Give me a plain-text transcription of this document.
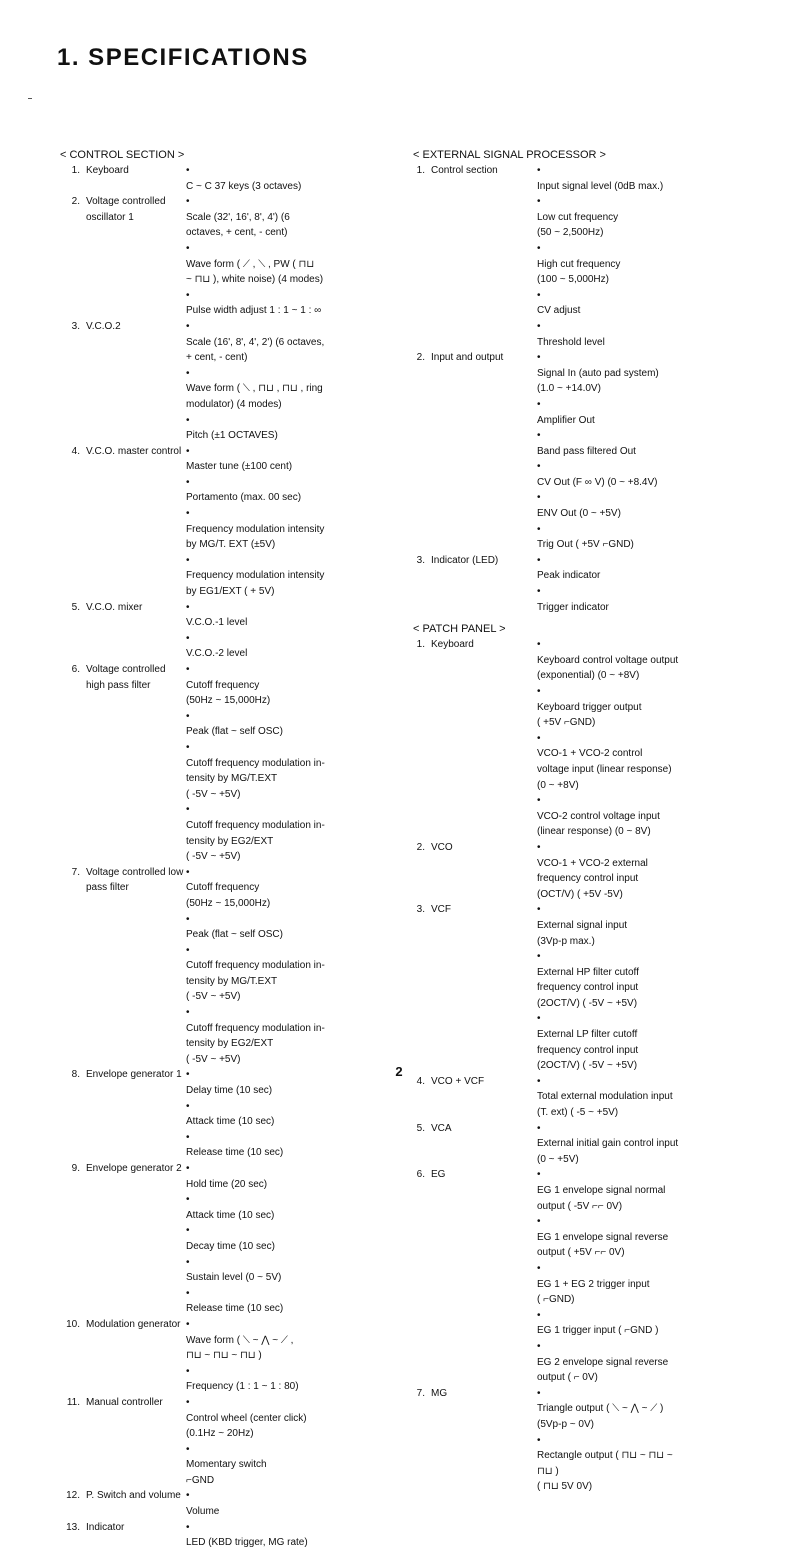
1. SPECIFICATIONS
< CONTROL SECTION >
1. Keyboard
• C ~ C 37 keys (3 octaves)
2. Voltage controlled oscillator 1	• Scale (32', 16', 8', 4') (6
octaves, + cent, - cent)
• Wave form ( ⟋ , ⟍ , PW ( ⊓⊔
~ ⊓⊔ ), white noise) (4 modes)
• Pulse width adjust 1 : 1 ~ 1 : ∞
3. V.C.O.2
• Scale (16', 8', 4', 2') (6 octaves,
+ cent, - cent)
• Wave form ( ⟍ , ⊓⊔ , ⊓⊔ , ring
modulator) (4 modes)
• Pitch (±1 OCTAVES)
4. V.C.O. master control
• Master tune (±100 cent)
• Portamento (max. 00 sec)
• Frequency modulation intensity
by MG/T. EXT (±5V)
• Frequency modulation intensity
by EG1/EXT ( + 5V)
5. V.C.O. mixer
• V.C.O.-1 level
• V.C.O.-2 level
6. Voltage controlled high pass filter	• Cutoff frequency
(50Hz ~ 15,000Hz)
• Peak (flat ~ self OSC)
• Cutoff frequency modulation in-
tensity by MG/T.EXT
( -5V ~ +5V)
• Cutoff frequency modulation in-
tensity by EG2/EXT
( -5V ~ +5V)
7. Voltage controlled low pass filter	• Cutoff frequency
(50Hz ~ 15,000Hz)
• Peak (flat ~ self OSC)
• Cutoff frequency modulation in-
tensity by MG/T.EXT
( -5V ~ +5V)
• Cutoff frequency modulation in-
tensity by EG2/EXT
( -5V ~ +5V)
8. Envelope generator 1
• Delay time (10 sec)
• Attack time (10 sec)
• Release time (10 sec)
9. Envelope generator 2
• Hold time (20 sec)
• Attack time (10 sec)
• Decay time (10 sec)
• Sustain level (0 ~ 5V)
• Release time (10 sec)
10. Modulation generator
• Wave form ( ⟍ ~ ⋀ ~ ⟋ ,
⊓⊔ ~ ⊓⊔ ~ ⊓⊔ )
• Frequency (1 : 1 ~ 1 : 80)
11. Manual controller
• Control wheel (center click)
(0.1Hz ~ 20Hz)
• Momentary switch
⌐GND
12. P. Switch and volume
• Volume
13. Indicator
• LED (KBD trigger, MG rate)
< EXTERNAL SIGNAL PROCESSOR >
1. Control section
• Input signal level (0dB max.)
• Low cut frequency
(50 ~ 2,500Hz)
• High cut frequency
(100 ~ 5,000Hz)
• CV adjust
• Threshold level
2. Input and output
• Signal In (auto pad system)
(1.0 ~ +14.0V)
• Amplifier Out
• Band pass filtered Out
• CV Out (F ∞ V) (0 ~ +8.4V)
• ENV Out (0 ~ +5V)
• Trig Out ( +5V ⌐GND)
3. Indicator (LED)
• Peak indicator
• Trigger indicator
< PATCH PANEL >
1. Keyboard
• Keyboard control voltage output
(exponential) (0 ~ +8V)
• Keyboard trigger output
( +5V ⌐GND)
• VCO-1 + VCO-2 control
voltage input (linear response)
(0 ~ +8V)
• VCO-2 control voltage input
(linear response) (0 ~ 8V)
2. VCO
• VCO-1 + VCO-2 external
frequency control input
(OCT/V) ( +5V -5V)
3. VCF
• External signal input
(3Vp-p max.)
• External HP filter cutoff
frequency control input
(2OCT/V) ( -5V ~ +5V)
• External LP filter cutoff
frequency control input
(2OCT/V) ( -5V ~ +5V)
4. VCO + VCF
• Total external modulation input
(T. ext) ( -5 ~ +5V)
5. VCA
• External initial gain control input
(0 ~ +5V)
6. EG
• EG 1 envelope signal normal
output ( -5V ⌐⌐ 0V)
• EG 1 envelope signal reverse
output ( +5V ⌐⌐ 0V)
• EG 1 + EG 2 trigger input
( ⌐GND)
• EG 1 trigger input ( ⌐GND )
• EG 2 envelope signal reverse
output ( ⌐ 0V)
7. MG
• Triangle output ( ⟍ ~ ⋀ ~ ⟋ )
(5Vp-p ~ 0V)
• Rectangle output ( ⊓⊔ ~ ⊓⊔ ~
⊓⊔ )
( ⊓⊔ 5V 0V)
2
